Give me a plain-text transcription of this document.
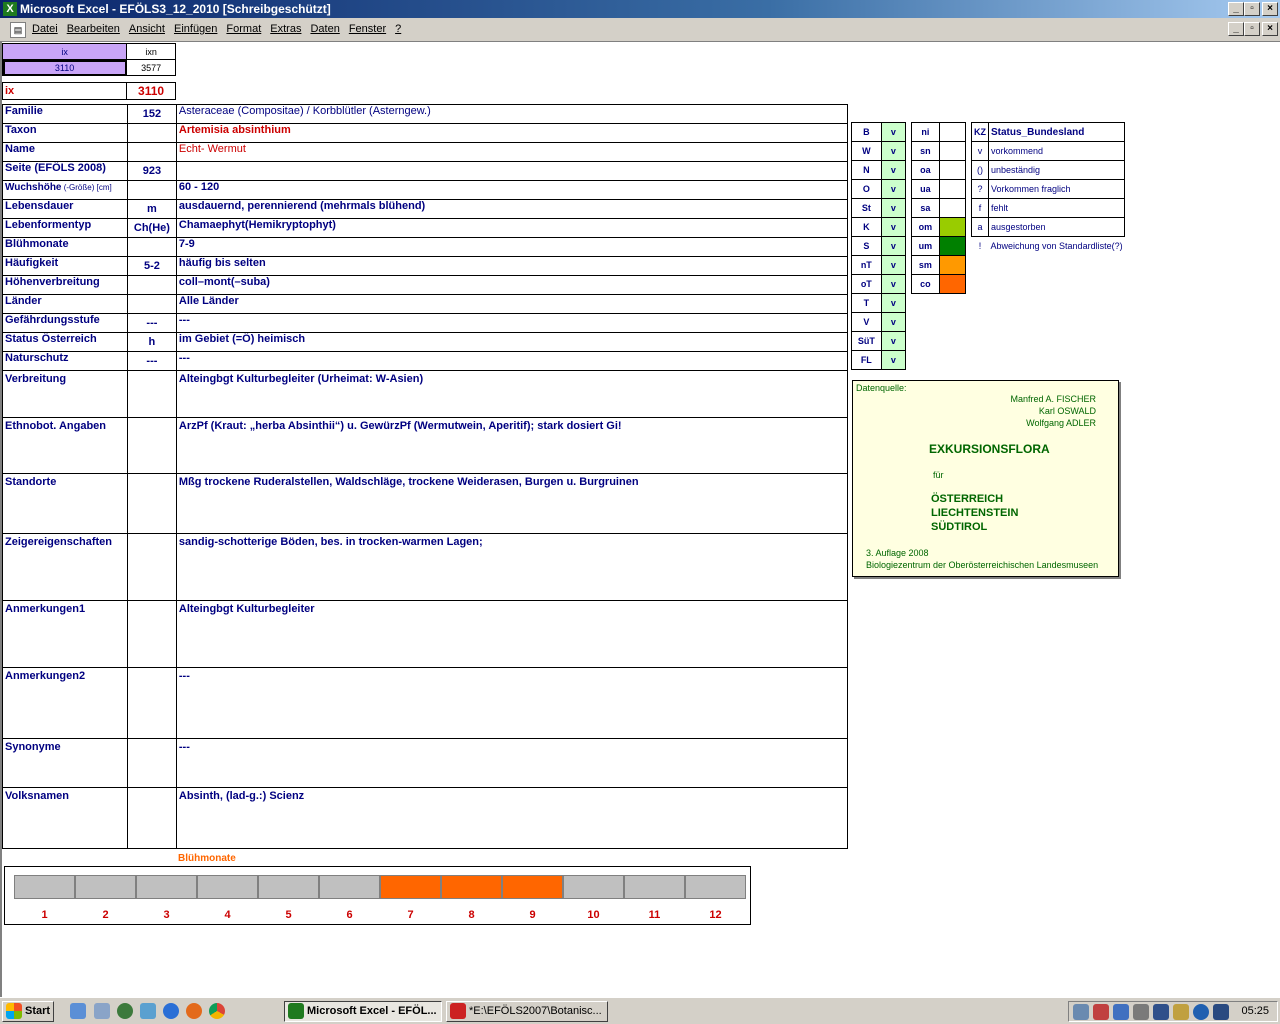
X Microsoft Excel - EFÖLS3_12_2010 [Schreibgeschützt]	_	▫	×
▤ Datei Bearbeiten Ansicht Einfügen Format Extras Daten Fenster ?	_	▫	×
ix	ixn
3110	3577
ix	3110
Familie	152	Asteraceae (Compositae) / Korbblütler (Asterngew.)
Taxon		Artemisia absinthium
Name		Echt- Wermut
Seite (EFÖLS 2008)	923	
Wuchshöhe (-Größe) [cm]		60 - 120
Lebensdauer	m	ausdauernd, perennierend (mehrmals blühend)
Lebenformentyp	Ch(He)	Chamaephyt(Hemikryptophyt)
Blühmonate		7-9
Häufigkeit	5-2	häufig bis selten
Höhenverbreitung		coll–mont(–suba)
Länder		Alle Länder
Gefährdungsstufe	---	---
Status Österreich	h	im Gebiet (=Ö) heimisch
Naturschutz	---	---
Verbreitung		Alteingbgt Kulturbegleiter (Urheimat: W-Asien)
Ethnobot. Angaben		ArzPf (Kraut: „herba Absinthii“) u. GewürzPf (Wermutwein, Aperitif); stark dosiert Gi!
Standorte		Mßg trockene Ruderalstellen, Waldschläge, trockene Weiderasen, Burgen u. Burgruinen
Zeigereigenschaften		sandig-schotterige Böden, bes. in trocken-warmen Lagen;
Anmerkungen1		Alteingbgt Kulturbegleiter
Anmerkungen2		---
Synonyme		---
Volksnamen		Absinth, (lad-g.:) Scienz
B	v
W	v
N	v
O	v
St	v
K	v
S	v
nT	v
oT	v
T	v
V	v
SüT	v
FL	v
ni	
sn	
oa	
ua	
sa	
om	
um	
sm	
co	
KZ	Status_Bundesland
v	vorkommend
()	unbeständig
?	Vorkommen fraglich
f	fehlt
a	ausgestorben
!	Abweichung von Standardliste(?)
Datenquelle:
Manfred A. FISCHER
Karl OSWALD
Wolfgang ADLER
EXKURSIONSFLORA
für
ÖSTERREICH
LIECHTENSTEIN
SÜDTIROL
3. Auflage 2008
Biologiezentrum der Oberösterreichischen Landesmuseen
Blühmonate
1	2	3	4	5	6	7	8	9	10	11	12
Start	Microsoft Excel - EFÖL...	*E:\EFÖLS2007\Botanisc...	05:25
